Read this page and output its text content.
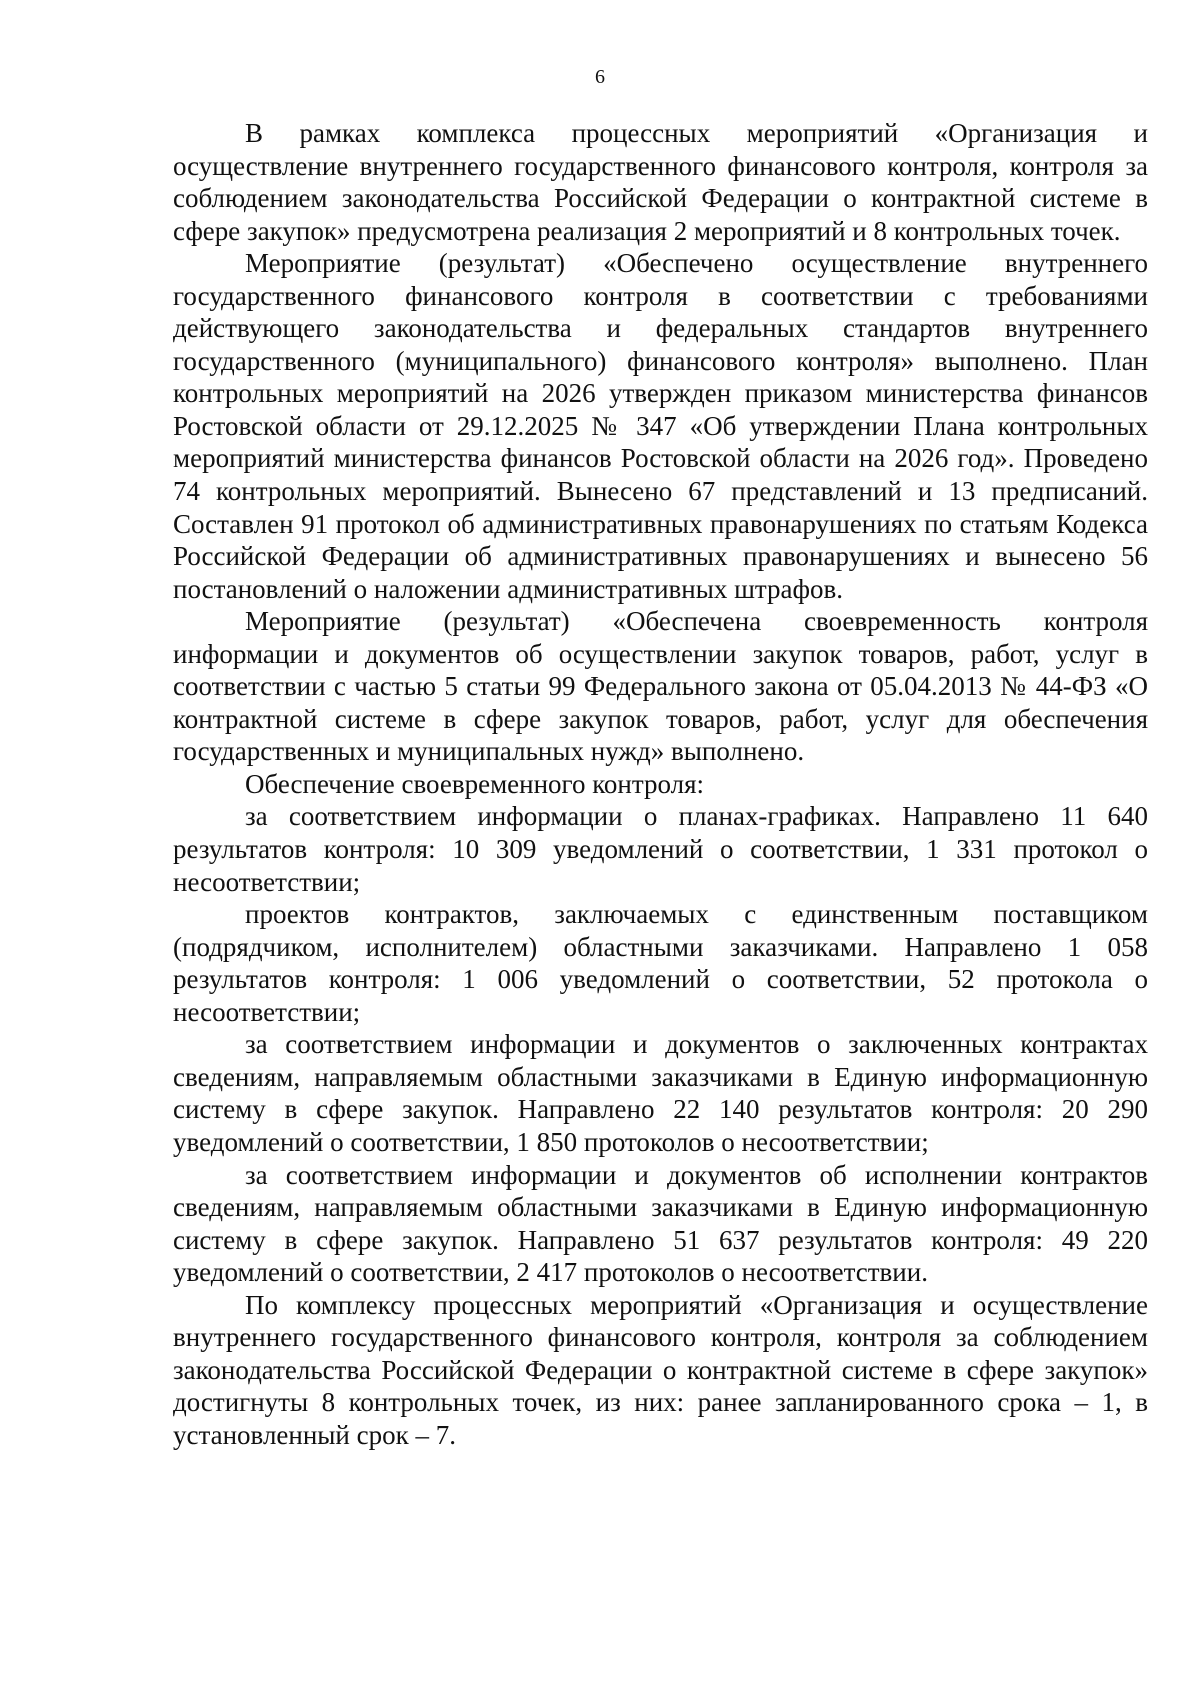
6

В рамках комплекса процессных мероприятий «Организация и осуществление внутреннего государственного финансового контроля, контроля за соблюдением законодательства Российской Федерации о контрактной системе в сфере закупок» предусмотрена реализация 2 мероприятий и 8 контрольных точек.

Мероприятие (результат) «Обеспечено осуществление внутреннего государственного финансового контроля в соответствии с требованиями действующего законодательства и федеральных стандартов внутреннего государственного (муниципального) финансового контроля» выполнено. План контрольных мероприятий на 2026 утвержден приказом министерства финансов Ростовской области от 29.12.2025 № 347 «Об утверждении Плана контрольных мероприятий министерства финансов Ростовской области на 2026 год». Проведено 74 контрольных мероприятий. Вынесено 67 представлений и 13 предписаний. Составлен 91 протокол об административных правонарушениях по статьям Кодекса Российской Федерации об административных правонарушениях и вынесено 56 постановлений о наложении административных штрафов.

Мероприятие (результат) «Обеспечена своевременность контроля информации и документов об осуществлении закупок товаров, работ, услуг в соответствии с частью 5 статьи 99 Федерального закона от 05.04.2013 № 44-ФЗ «О контрактной системе в сфере закупок товаров, работ, услуг для обеспечения государственных и муниципальных нужд» выполнено.

Обеспечение своевременного контроля:

за соответствием информации о планах-графиках. Направлено 11 640 результатов контроля: 10 309 уведомлений о соответствии, 1 331 протокол о несоответствии;

проектов контрактов, заключаемых с единственным поставщиком (подрядчиком, исполнителем) областными заказчиками. Направлено 1 058 результатов контроля: 1 006 уведомлений о соответствии, 52 протокола о несоответствии;

за соответствием информации и документов о заключенных контрактах сведениям, направляемым областными заказчиками в Единую информационную систему в сфере закупок. Направлено 22 140 результатов контроля: 20 290 уведомлений о соответствии, 1 850 протоколов о несоответствии;

за соответствием информации и документов об исполнении контрактов сведениям, направляемым областными заказчиками в Единую информационную систему в сфере закупок. Направлено 51 637 результатов контроля: 49 220 уведомлений о соответствии, 2 417 протоколов о несоответствии.

По комплексу процессных мероприятий «Организация и осуществление внутреннего государственного финансового контроля, контроля за соблюдением законодательства Российской Федерации о контрактной системе в сфере закупок» достигнуты 8 контрольных точек, из них: ранее запланированного срока – 1, в установленный срок – 7.
